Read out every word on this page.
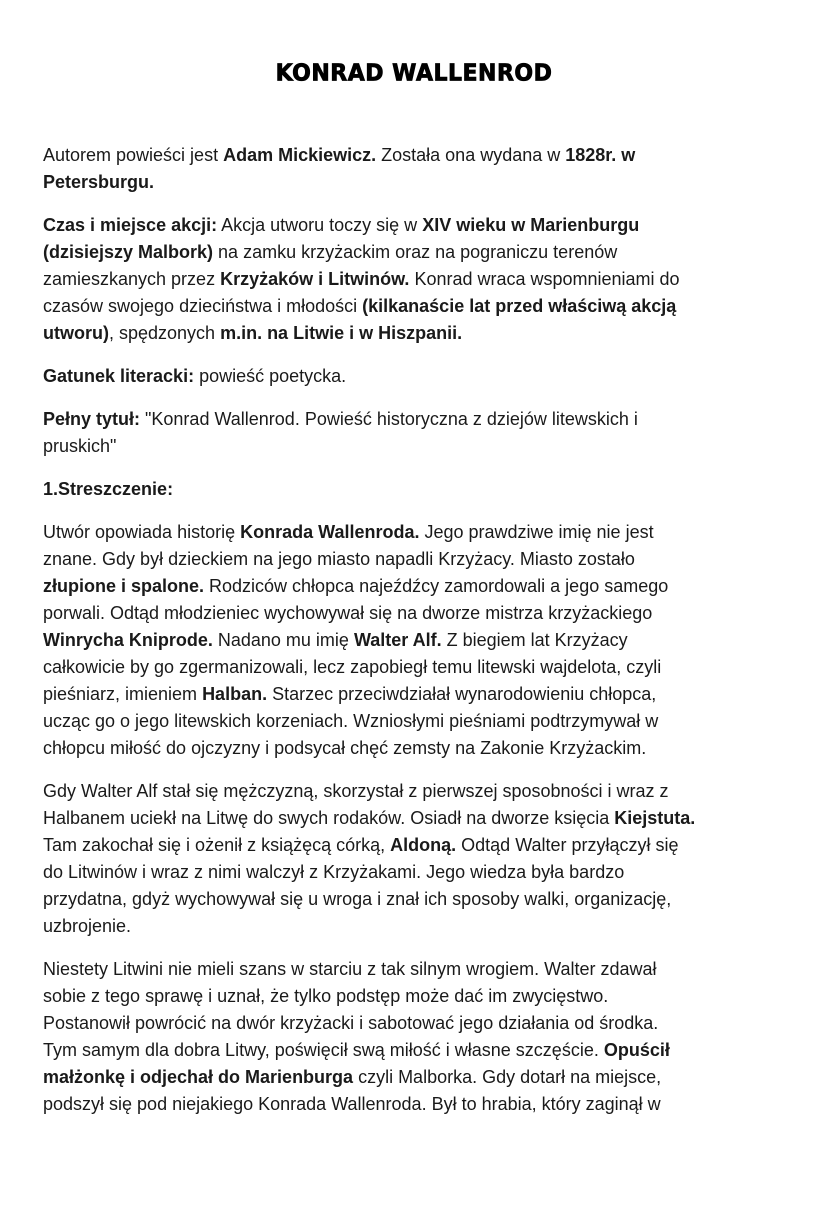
KONRAD WALLENROD

Autorem powieści jest Adam Mickiewicz. Została ona wydana w 1828r. w
Petersburgu.

Czas i miejsce akcji: Akcja utworu toczy się w XIV wieku w Marienburgu
(dzisiejszy Malbork) na zamku krzyżackim oraz na pograniczu terenów
zamieszkanych przez Krzyżaków i Litwinów. Konrad wraca wspomnieniami do
czasów swojego dzieciństwa i młodości (kilkanaście lat przed właściwą akcją
utworu), spędzonych m.in. na Litwie i w Hiszpanii.

Gatunek literacki: powieść poetycka.

Pełny tytuł: "Konrad Wallenrod. Powieść historyczna z dziejów litewskich i
pruskich"

1.Streszczenie:

Utwór opowiada historię Konrada Wallenroda. Jego prawdziwe imię nie jest
znane. Gdy był dzieckiem na jego miasto napadli Krzyżacy. Miasto zostało
złupione i spalone. Rodziców chłopca najeźdźcy zamordowali a jego samego
porwali. Odtąd młodzieniec wychowywał się na dworze mistrza krzyżackiego
Winrycha Kniprode. Nadano mu imię Walter Alf. Z biegiem lat Krzyżacy
całkowicie by go zgermanizowali, lecz zapobiegł temu litewski wajdelota, czyli
pieśniarz, imieniem Halban. Starzec przeciwdziałał wynarodowieniu chłopca,
ucząc go o jego litewskich korzeniach. Wzniosłymi pieśniami podtrzymywał w
chłopcu miłość do ojczyzny i podsycał chęć zemsty na Zakonie Krzyżackim.

Gdy Walter Alf stał się mężczyzną, skorzystał z pierwszej sposobności i wraz z
Halbanem uciekł na Litwę do swych rodaków. Osiadł na dworze księcia Kiejstuta.
Tam zakochał się i ożenił z książęcą córką, Aldoną. Odtąd Walter przyłączył się
do Litwinów i wraz z nimi walczył z Krzyżakami. Jego wiedza była bardzo
przydatna, gdyż wychowywał się u wroga i znał ich sposoby walki, organizację,
uzbrojenie.

Niestety Litwini nie mieli szans w starciu z tak silnym wrogiem. Walter zdawał
sobie z tego sprawę i uznał, że tylko podstęp może dać im zwycięstwo.
Postanowił powrócić na dwór krzyżacki i sabotować jego działania od środka.
Tym samym dla dobra Litwy, poświęcił swą miłość i własne szczęście. Opuścił
małżonkę i odjechał do Marienburga czyli Malborka. Gdy dotarł na miejsce,
podszył się pod niejakiego Konrada Wallenroda. Był to hrabia, który zaginął w
